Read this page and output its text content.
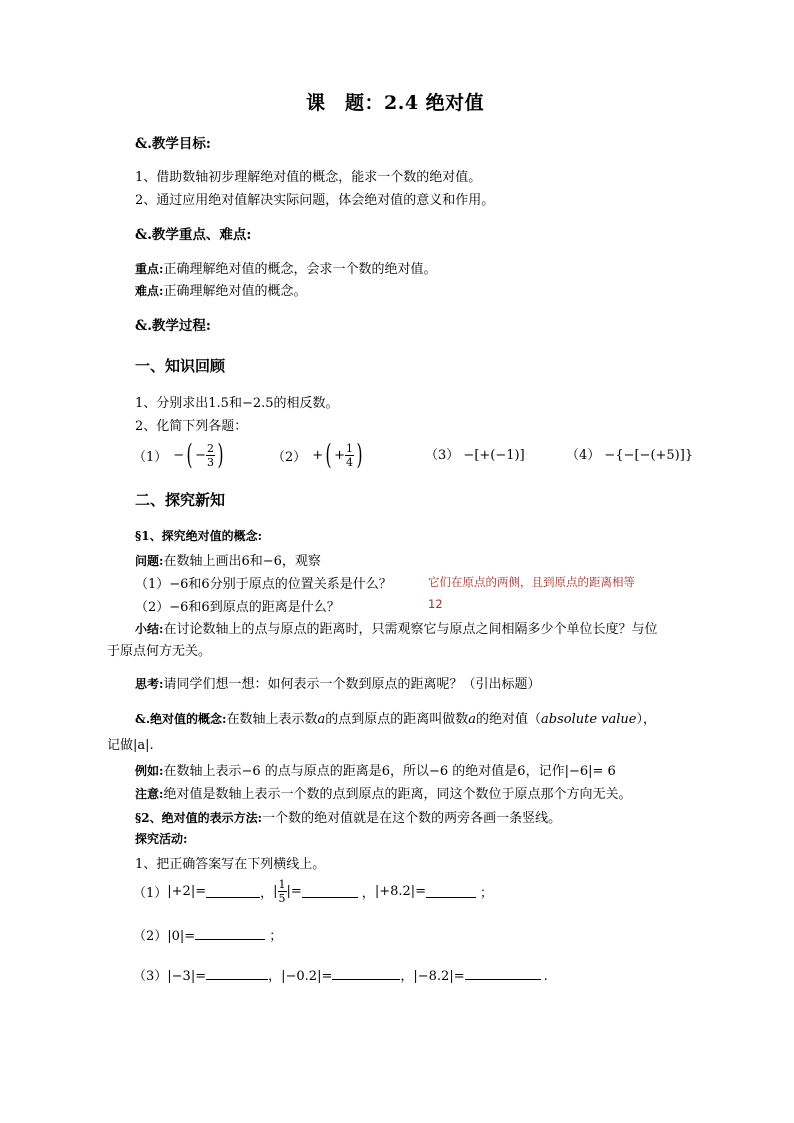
课　题：2.4 绝对值
&.教学目标:
1、借助数轴初步理解绝对值的概念，能求一个数的绝对值。
2、通过应用绝对值解决实际问题，体会绝对值的意义和作用。
&.教学重点、难点:
重点:正确理解绝对值的概念，会求一个数的绝对值。
难点:正确理解绝对值的概念。
&.教学过程:
一、知识回顾
1、分别求出1.5和−2.5的相反数。
2、化简下列各题：
（1） − ( − $\frac{2}{3}$ )	（2） + ( + $\frac{1}{4}$ )	（3） −[+(−1)]	（4） −{−[−(+5)]}
二、探究新知
§1、探究绝对值的概念:
问题:在数轴上画出6和−6，观察
（1）−6和6分别于原点的位置关系是什么？	它们在原点的两侧，且到原点的距离相等
（2）−6和6到原点的距离是什么？	12
小结:在讨论数轴上的点与原点的距离时，只需观察它与原点之间相隔多少个单位长度？与位
于原点何方无关。
思考:请同学们想一想：如何表示一个数到原点的距离呢？（引出标题）
&.绝对值的概念:在数轴上表示数a的点到原点的距离叫做数a的绝对值（absolute value），
记做|a|.
例如:在数轴上表示−6 的点与原点的距离是6，所以−6 的绝对值是6，记作|−6|= 6
注意:绝对值是数轴上表示一个数的点到原点的距离，同这个数位于原点那个方向无关。
§2、绝对值的表示方法:一个数的绝对值就是在这个数的两旁各画一条竖线。
探究活动:
1、把正确答案写在下列横线上。
（1） |+2|=	， | $\frac{1}{5}$ |=	， |+8.2|=	；
（2）|0|=	；
（3）|−3|=	，|−0.2|=	，|−8.2|=	.
